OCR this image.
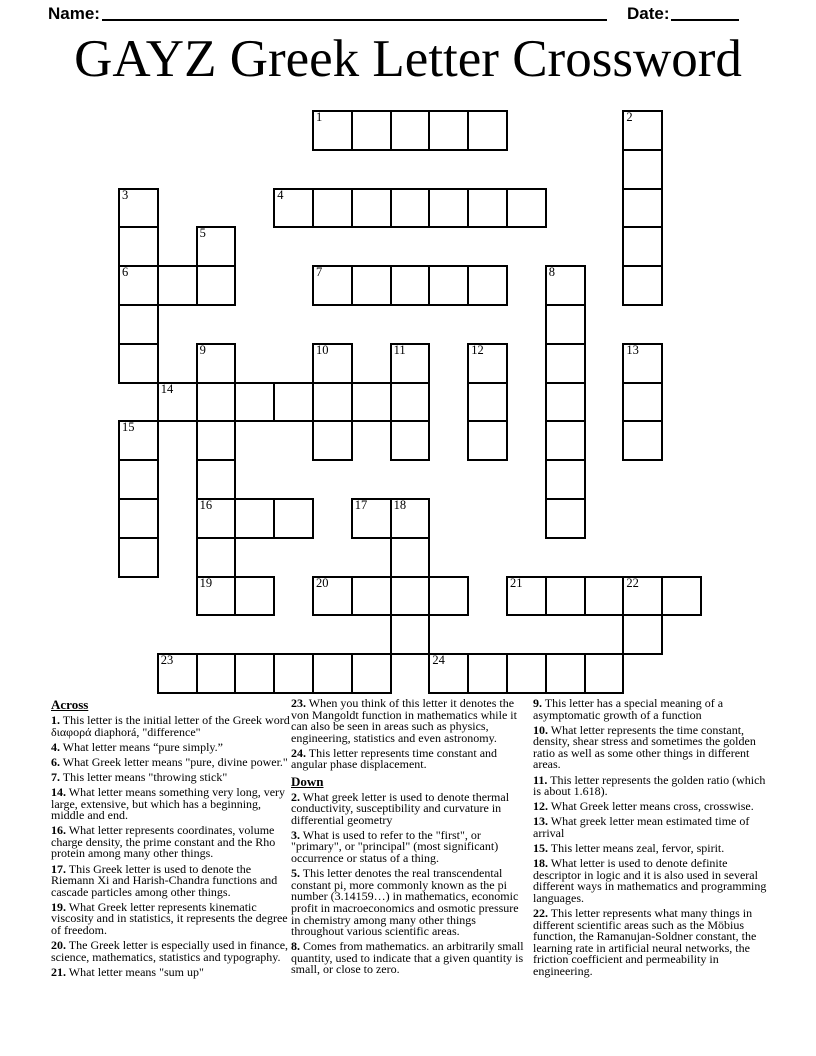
Name:	Date:
GAYZ Greek Letter Crossword
1	2
3	4
5
6	7	8
9	10	11	12	13
14
15
16	17 18
19	20	21	22
23	24

Across

1. This letter is the initial letter of the Greek word διαφορά diaphorá, "difference"

4. What letter means “pure simply.”

6. What Greek letter means "pure, divine power."

7. This letter means "throwing stick"

14. What letter means something very long, very large, extensive, but which has a beginning, middle and end.

16. What letter represents coordinates, volume charge density, the prime constant and the Rho protein among many other things.

17. This Greek letter is used to denote the Riemann Xi and Harish-Chandra functions and cascade particles among other things.

19. What Greek letter represents kinematic viscosity and in statistics, it represents the degree of freedom.

20. The Greek letter is especially used in finance, science, mathematics, statistics and typography.

21. What letter means "sum up"

23. When you think of this letter it denotes the von Mangoldt function in mathematics while it can also be seen in areas such as physics, engineering, statistics and even astronomy.

24. This letter represents time constant and angular phase displacement.

Down

2. What greek letter is used to denote thermal conductivity, susceptibility and curvature in differential geometry

3. What is used to refer to the "first", or "primary", or "principal" (most significant) occurrence or status of a thing.

5. This letter denotes the real transcendental constant pi, more commonly known as the pi number (3.14159…) in mathematics, economic profit in macroeconomics and osmotic pressure in chemistry among many other things throughout various scientific areas.

8. Comes from mathematics. an arbitrarily small quantity, used to indicate that a given quantity is small, or close to zero.

9. This letter has a special meaning of a asymptomatic growth of a function

10. What letter represents the time constant, density, shear stress and sometimes the golden ratio as well as some other things in different areas.

11. This letter represents the golden ratio (which is about 1.618).

12. What Greek letter means cross, crosswise.

13. What greek letter mean estimated time of arrival

15. This letter means zeal, fervor, spirit.

18. What letter is used to denote definite descriptor in logic and it is also used in several different ways in mathematics and programming languages.

22. This letter represents what many things in different scientific areas such as the Möbius function, the Ramanujan-Soldner constant, the learning rate in artificial neural networks, the friction coefficient and permeability in engineering.
